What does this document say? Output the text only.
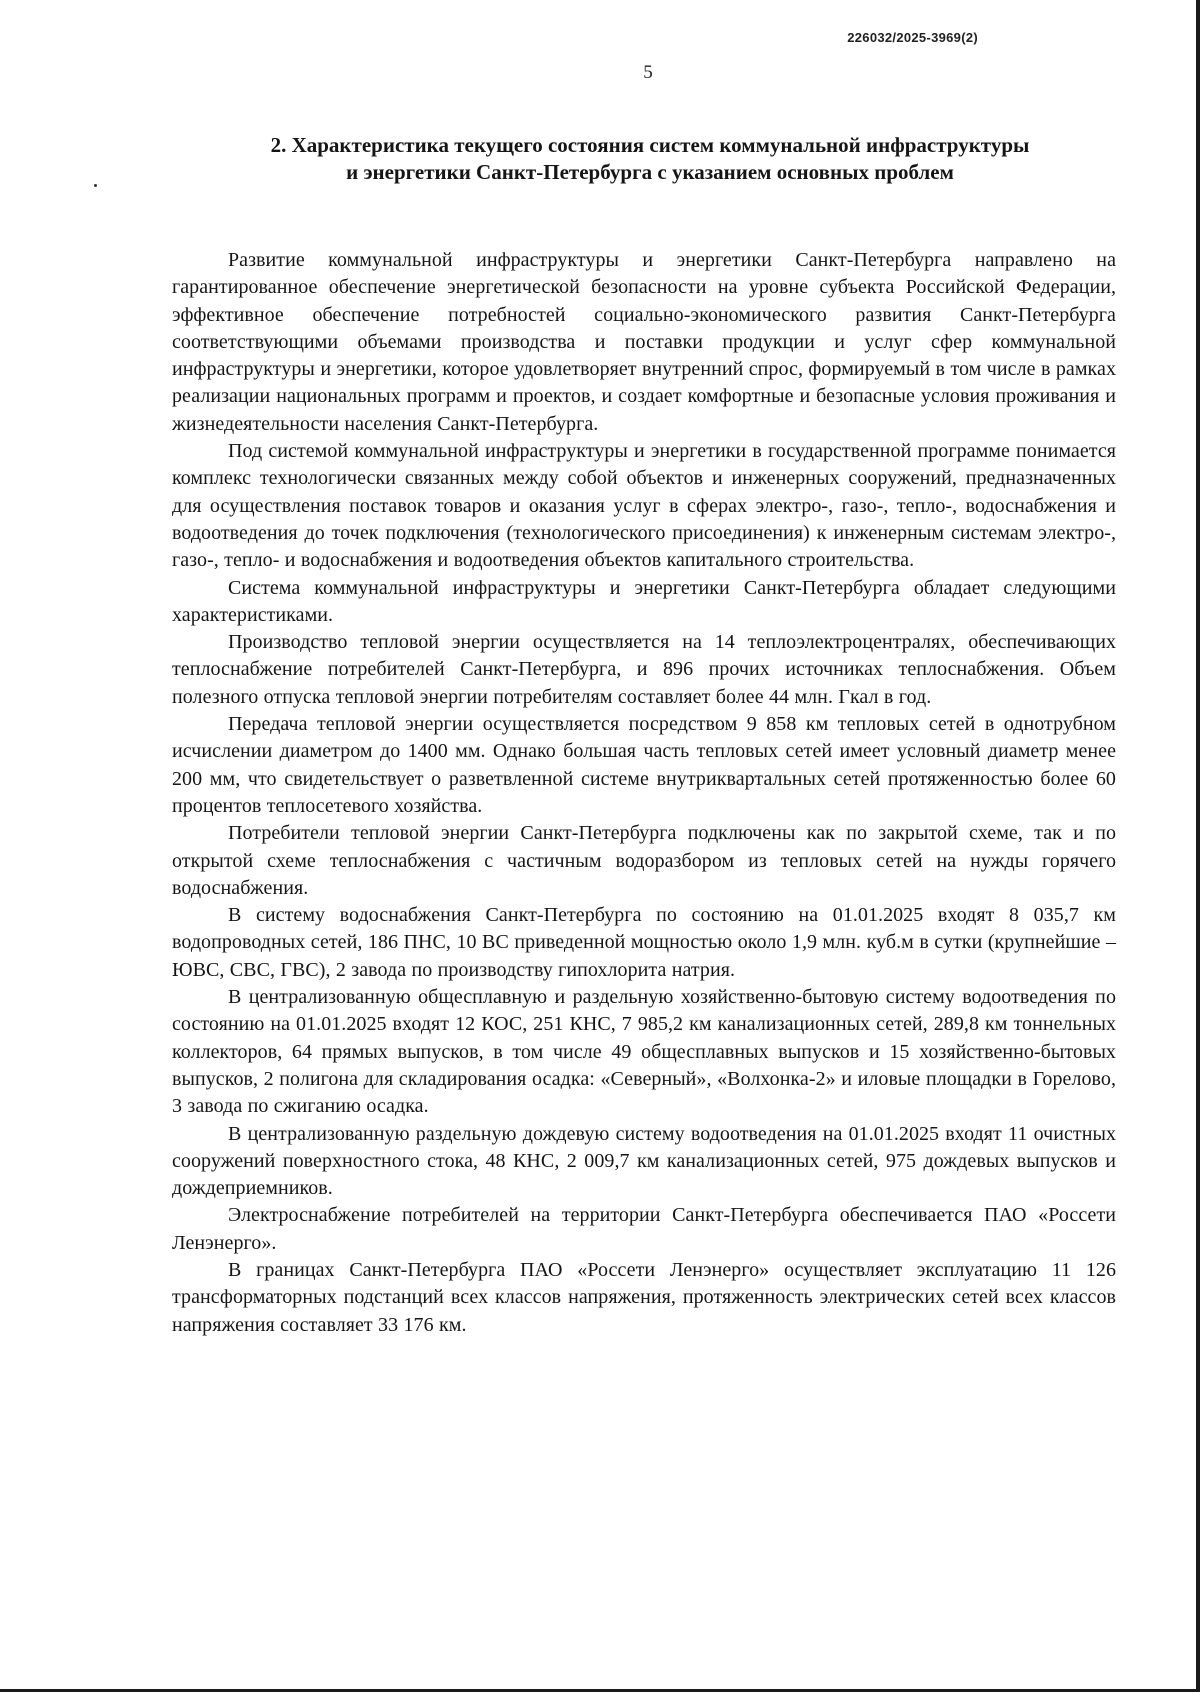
226032/2025-3969(2)
5
2. Характеристика текущего состояния систем коммунальной инфраструктуры и энергетики Санкт-Петербурга с указанием основных проблем

Развитие коммунальной инфраструктуры и энергетики Санкт-Петербурга направлено на гарантированное обеспечение энергетической безопасности на уровне субъекта Российской Федерации, эффективное обеспечение потребностей социально-экономического развития Санкт-Петербурга соответствующими объемами производства и поставки продукции и услуг сфер коммунальной инфраструктуры и энергетики, которое удовлетворяет внутренний спрос, формируемый в том числе в рамках реализации национальных программ и проектов, и создает комфортные и безопасные условия проживания и жизнедеятельности населения Санкт-Петербурга.

Под системой коммунальной инфраструктуры и энергетики в государственной программе понимается комплекс технологически связанных между собой объектов и инженерных сооружений, предназначенных для осуществления поставок товаров и оказания услуг в сферах электро-, газо-, тепло-, водоснабжения и водоотведения до точек подключения (технологического присоединения) к инженерным системам электро-, газо-, тепло- и водоснабжения и водоотведения объектов капитального строительства.

Система коммунальной инфраструктуры и энергетики Санкт-Петербурга обладает следующими характеристиками.

Производство тепловой энергии осуществляется на 14 теплоэлектроцентралях, обеспечивающих теплоснабжение потребителей Санкт-Петербурга, и 896 прочих источниках теплоснабжения. Объем полезного отпуска тепловой энергии потребителям составляет более 44 млн. Гкал в год.

Передача тепловой энергии осуществляется посредством 9 858 км тепловых сетей в однотрубном исчислении диаметром до 1400 мм. Однако большая часть тепловых сетей имеет условный диаметр менее 200 мм, что свидетельствует о разветвленной системе внутриквартальных сетей протяженностью более 60 процентов теплосетевого хозяйства.

Потребители тепловой энергии Санкт-Петербурга подключены как по закрытой схеме, так и по открытой схеме теплоснабжения с частичным водоразбором из тепловых сетей на нужды горячего водоснабжения.

В систему водоснабжения Санкт-Петербурга по состоянию на 01.01.2025 входят 8 035,7 км водопроводных сетей, 186 ПНС, 10 ВС приведенной мощностью около 1,9 млн. куб.м в сутки (крупнейшие – ЮВС, СВС, ГВС), 2 завода по производству гипохлорита натрия.

В централизованную общесплавную и раздельную хозяйственно-бытовую систему водоотведения по состоянию на 01.01.2025 входят 12 КОС, 251 КНС, 7 985,2 км канализационных сетей, 289,8 км тоннельных коллекторов, 64 прямых выпусков, в том числе 49 общесплавных выпусков и 15 хозяйственно-бытовых выпусков, 2 полигона для складирования осадка: «Северный», «Волхонка-2» и иловые площадки в Горелово, 3 завода по сжиганию осадка.

В централизованную раздельную дождевую систему водоотведения на 01.01.2025 входят 11 очистных сооружений поверхностного стока, 48 КНС, 2 009,7 км канализационных сетей, 975 дождевых выпусков и дождеприемников.

Электроснабжение потребителей на территории Санкт-Петербурга обеспечивается ПАО «Россети Ленэнерго».

В границах Санкт-Петербурга ПАО «Россети Ленэнерго» осуществляет эксплуатацию 11 126 трансформаторных подстанций всех классов напряжения, протяженность электрических сетей всех классов напряжения составляет 33 176 км.
